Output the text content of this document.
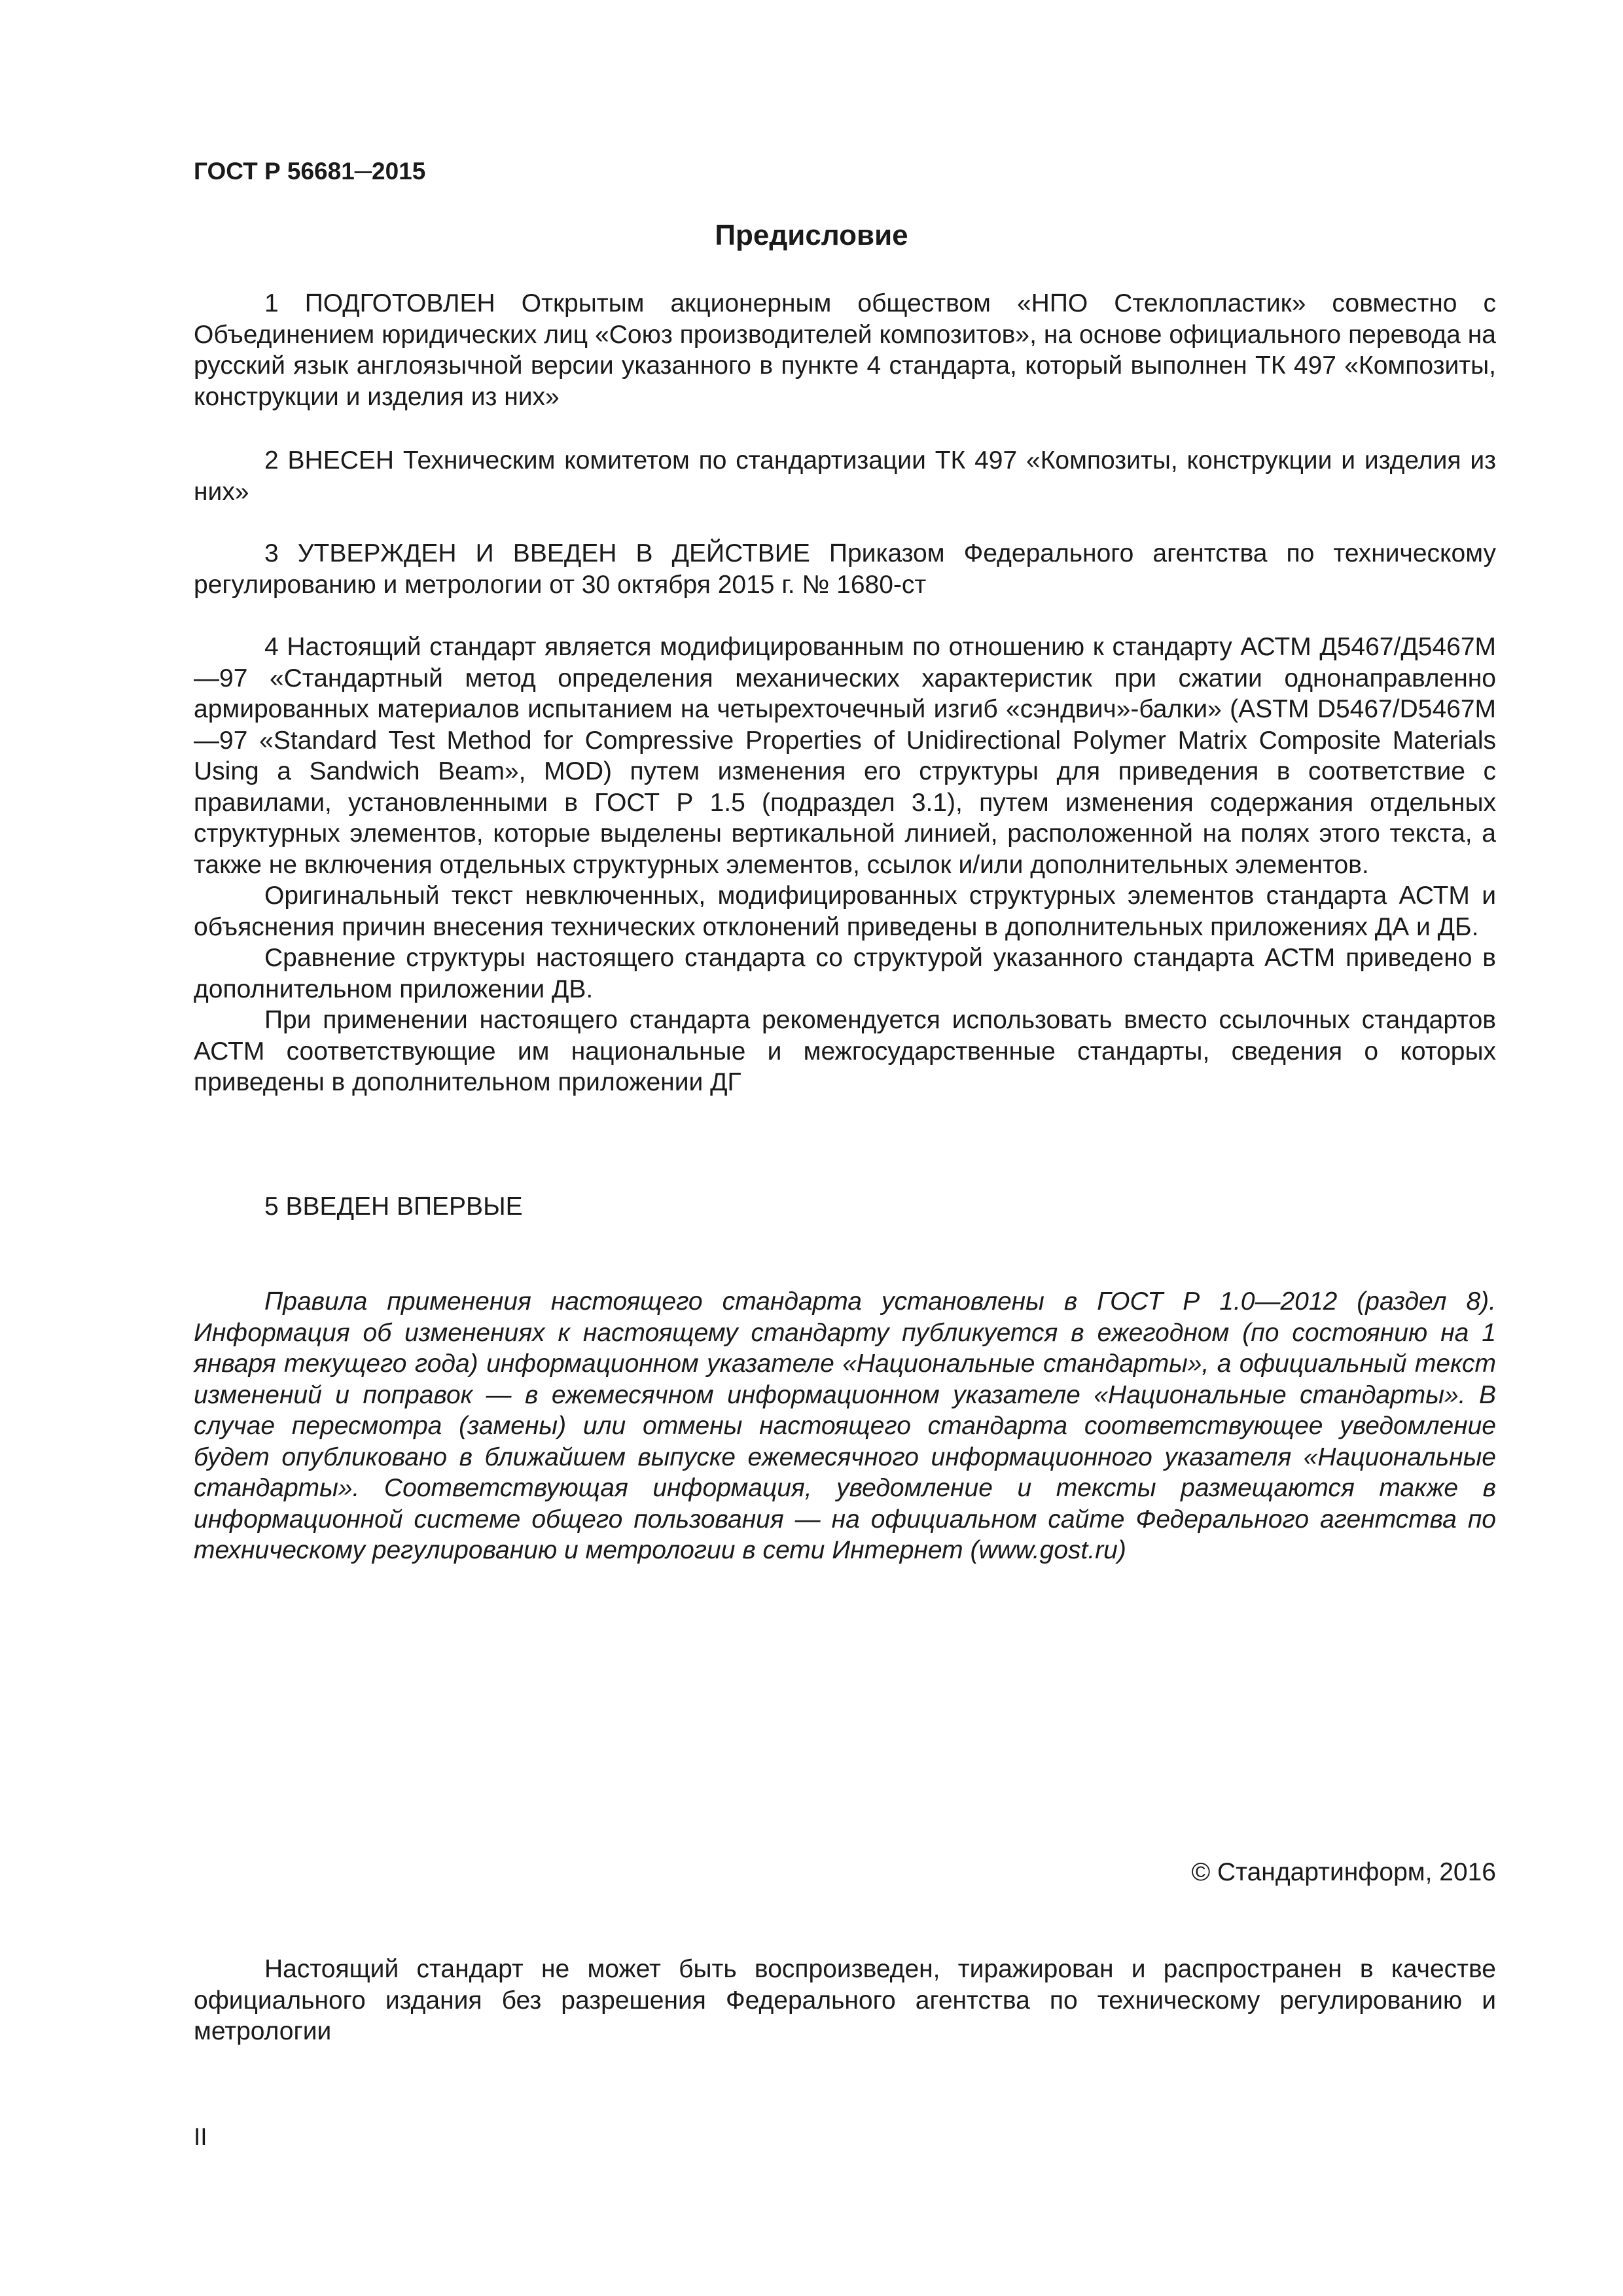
ГОСТ Р 56681─2015
Предисловие

1 ПОДГОТОВЛЕН Открытым акционерным обществом «НПО Стеклопластик» совместно с Объединением юридических лиц «Союз производителей композитов», на основе официального перевода на русский язык англоязычной версии указанного в пункте 4 стандарта, который выполнен ТК 497 «Композиты, конструкции и изделия из них»

2 ВНЕСЕН Техническим комитетом по стандартизации ТК 497 «Композиты, конструкции и изделия из них»

3 УТВЕРЖДЕН И ВВЕДЕН В ДЕЙСТВИЕ Приказом Федерального агентства по техническому регулированию и метрологии от 30 октября 2015 г. № 1680-ст

4 Настоящий стандарт является модифицированным по отношению к стандарту АСТМ Д5467/Д5467М—97 «Стандартный метод определения механических характеристик при сжатии однонаправленно армированных материалов испытанием на четырехточечный изгиб «сэндвич»-балки» (ASTM D5467/D5467M—97 «Standard Test Method for Compressive Properties of Unidirectional Polymer Matrix Composite Materials Using a Sandwich Beam», MOD) путем изменения его структуры для приведения в соответствие с правилами, установленными в ГОСТ Р 1.5 (подраздел 3.1), путем изменения содержания отдельных структурных элементов, которые выделены вертикальной линией, расположенной на полях этого текста, а также не включения отдельных структурных элементов, ссылок и/или дополнительных элементов.

Оригинальный текст невключенных, модифицированных структурных элементов стандарта АСТМ и объяснения причин внесения технических отклонений приведены в дополнительных приложениях ДА и ДБ.

Сравнение структуры настоящего стандарта со структурой указанного стандарта АСТМ приведено в дополнительном приложении ДВ.

При применении настоящего стандарта рекомендуется использовать вместо ссылочных стандартов АСТМ соответствующие им национальные и межгосударственные стандарты, сведения о которых приведены в дополнительном приложении ДГ

5 ВВЕДЕН ВПЕРВЫЕ

Правила применения настоящего стандарта установлены в ГОСТ Р 1.0—2012 (раздел 8). Информация об изменениях к настоящему стандарту публикуется в ежегодном (по состоянию на 1 января текущего года) информационном указателе «Национальные стандарты», а официальный текст изменений и поправок — в ежемесячном информационном указателе «Национальные стандарты». В случае пересмотра (замены) или отмены настоящего стандарта соответствующее уведомление будет опубликовано в ближайшем выпуске ежемесячного информационного указателя «Национальные стандарты». Соответствующая информация, уведомление и тексты размещаются также в информационной системе общего пользования — на официальном сайте Федерального агентства по техническому регулированию и метрологии в сети Интернет (www.gost.ru)

© Стандартинформ, 2016

Настоящий стандарт не может быть воспроизведен, тиражирован и распространен в качестве официального издания без разрешения Федерального агентства по техническому регулированию и метрологии

II
